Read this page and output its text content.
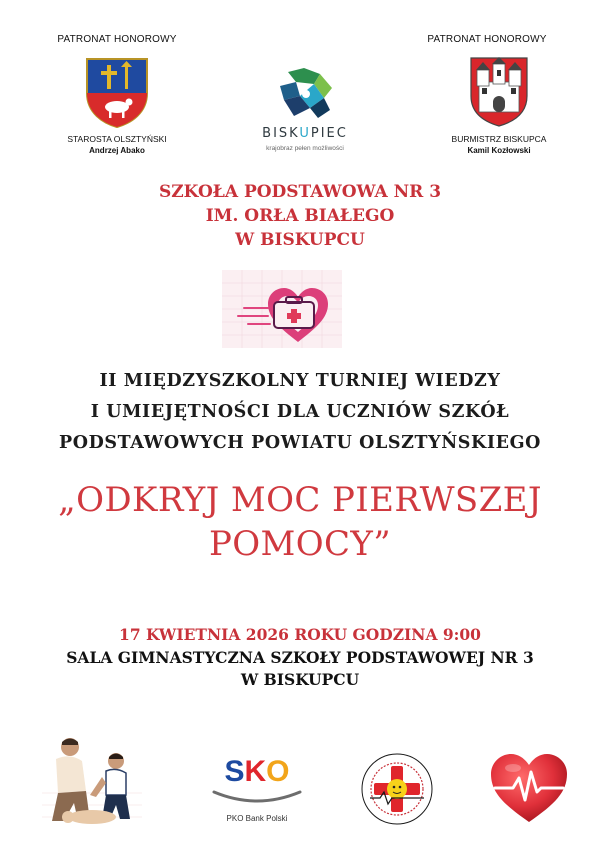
PATRONAT HONOROWY
STAROSTA OLSZTYŃSKI
Andrzej Abako
BISKUPIEC
krajobraz pełen możliwości
PATRONAT HONOROWY
BURMISTRZ BISKUPCA
Kamil Kozłowski
SZKOŁA PODSTAWOWA NR 3
IM. ORŁA BIAŁEGO
W BISKUPCU
II MIĘDZYSZKOLNY TURNIEJ WIEDZY
I UMIEJĘTNOŚCI DLA UCZNIÓW SZKÓŁ
PODSTAWOWYCH POWIATU OLSZTYŃSKIEGO
„ODKRYJ MOC PIERWSZEJ
POMOCY”
17 KWIETNIA 2026 ROKU GODZINA 9:00
SALA GIMNASTYCZNA SZKOŁY PODSTAWOWEJ NR 3
W BISKUPCU
SKO
PKO Bank Polski
